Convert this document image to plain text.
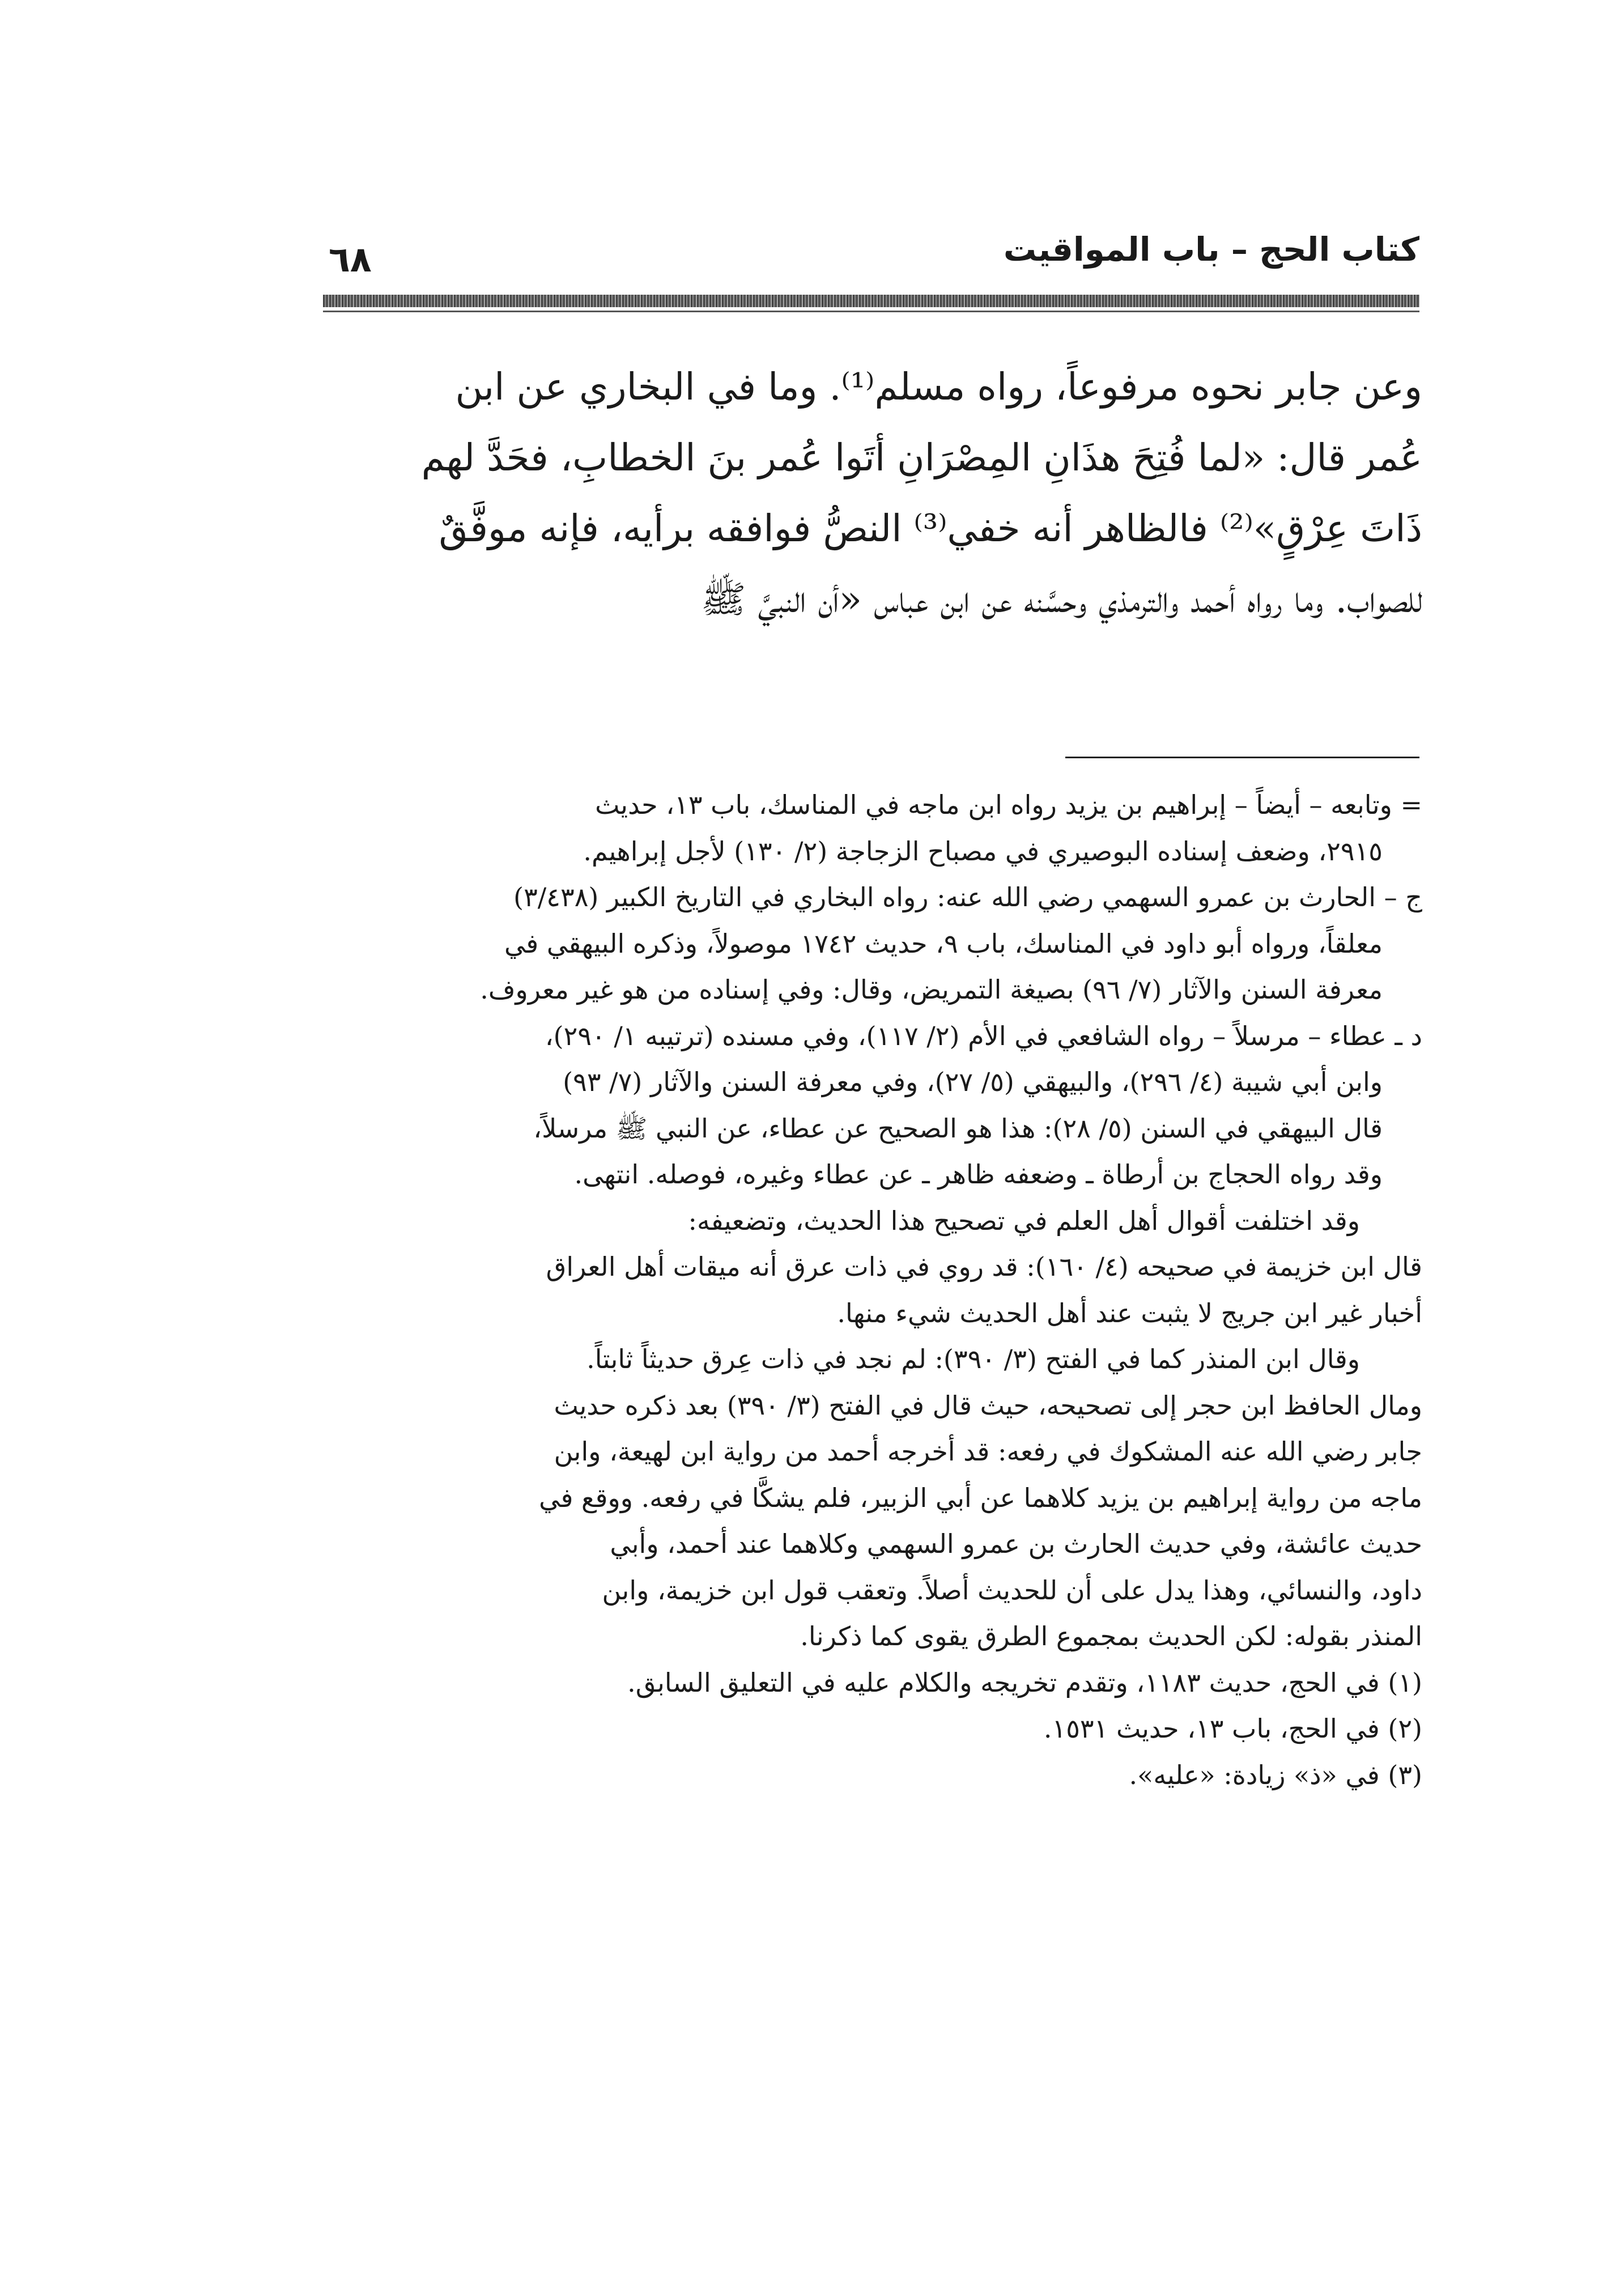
كتاب الحج – باب المواقيت
٦٨
وعن جابر نحوه مرفوعاً، رواه مسلم⁽¹⁾. وما في البخاري عن ابن
عُمر قال: «لما فُتِحَ هذَانِ المِصْرَانِ أتَوا عُمر بنَ الخطابِ، فحَدَّ لهم
ذَاتَ عِرْقٍ»⁽²⁾ فالظاهر أنه خفي⁽³⁾ النصُّ فوافقه برأيه، فإنه موفَّقٌ
للصواب. وما رواه أحمد والترمذي وحسَّنه عن ابن عباس «أن النبيَّ ﷺ
= وتابعه – أيضاً – إبراهيم بن يزيد رواه ابن ماجه في المناسك، باب ١٣، حديث
٢٩١٥، وضعف إسناده البوصيري في مصباح الزجاجة (٢/ ١٣٠) لأجل إبراهيم.
ج – الحارث بن عمرو السهمي رضي الله عنه: رواه البخاري في التاريخ الكبير (٣/٤٣٨)
معلقاً، ورواه أبو داود في المناسك، باب ٩، حديث ١٧٤٢ موصولاً، وذكره البيهقي في
معرفة السنن والآثار (٧/ ٩٦) بصيغة التمريض، وقال: وفي إسناده من هو غير معروف.
د ـ عطاء – مرسلاً – رواه الشافعي في الأم (٢/ ١١٧)، وفي مسنده (ترتيبه ١/ ٢٩٠)،
وابن أبي شيبة (٤/ ٢٩٦)، والبيهقي (٥/ ٢٧)، وفي معرفة السنن والآثار (٧/ ٩٣)
قال البيهقي في السنن (٥/ ٢٨): هذا هو الصحيح عن عطاء، عن النبي ﷺ مرسلاً،
وقد رواه الحجاج بن أرطاة ـ وضعفه ظاهر ـ عن عطاء وغيره، فوصله. انتهى.
وقد اختلفت أقوال أهل العلم في تصحيح هذا الحديث، وتضعيفه:
قال ابن خزيمة في صحيحه (٤/ ١٦٠): قد روي في ذات عرق أنه ميقات أهل العراق
أخبار غير ابن جريج لا يثبت عند أهل الحديث شيء منها.
وقال ابن المنذر كما في الفتح (٣/ ٣٩٠): لم نجد في ذات عِرق حديثاً ثابتاً.
ومال الحافظ ابن حجر إلى تصحيحه، حيث قال في الفتح (٣/ ٣٩٠) بعد ذكره حديث
جابر رضي الله عنه المشكوك في رفعه: قد أخرجه أحمد من رواية ابن لهيعة، وابن
ماجه من رواية إبراهيم بن يزيد كلاهما عن أبي الزبير، فلم يشكَّا في رفعه. ووقع في
حديث عائشة، وفي حديث الحارث بن عمرو السهمي وكلاهما عند أحمد، وأبي
داود، والنسائي، وهذا يدل على أن للحديث أصلاً. وتعقب قول ابن خزيمة، وابن
المنذر بقوله: لكن الحديث بمجموع الطرق يقوى كما ذكرنا.
(١) في الحج، حديث ١١٨٣، وتقدم تخريجه والكلام عليه في التعليق السابق.
(٢) في الحج، باب ١٣، حديث ١٥٣١.
(٣) في «ذ» زيادة: «عليه».
